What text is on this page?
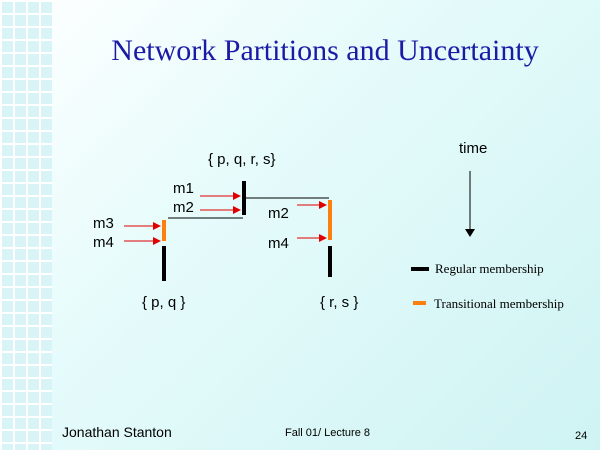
Network Partitions and Uncertainty
{ p, q, r, s}
time
m1
m2
m3
m4
m2
m4
{ p, q }	{ r, s }
Regular membership
Transitional membership
Jonathan Stanton	Fall 01/ Lecture 8	24
